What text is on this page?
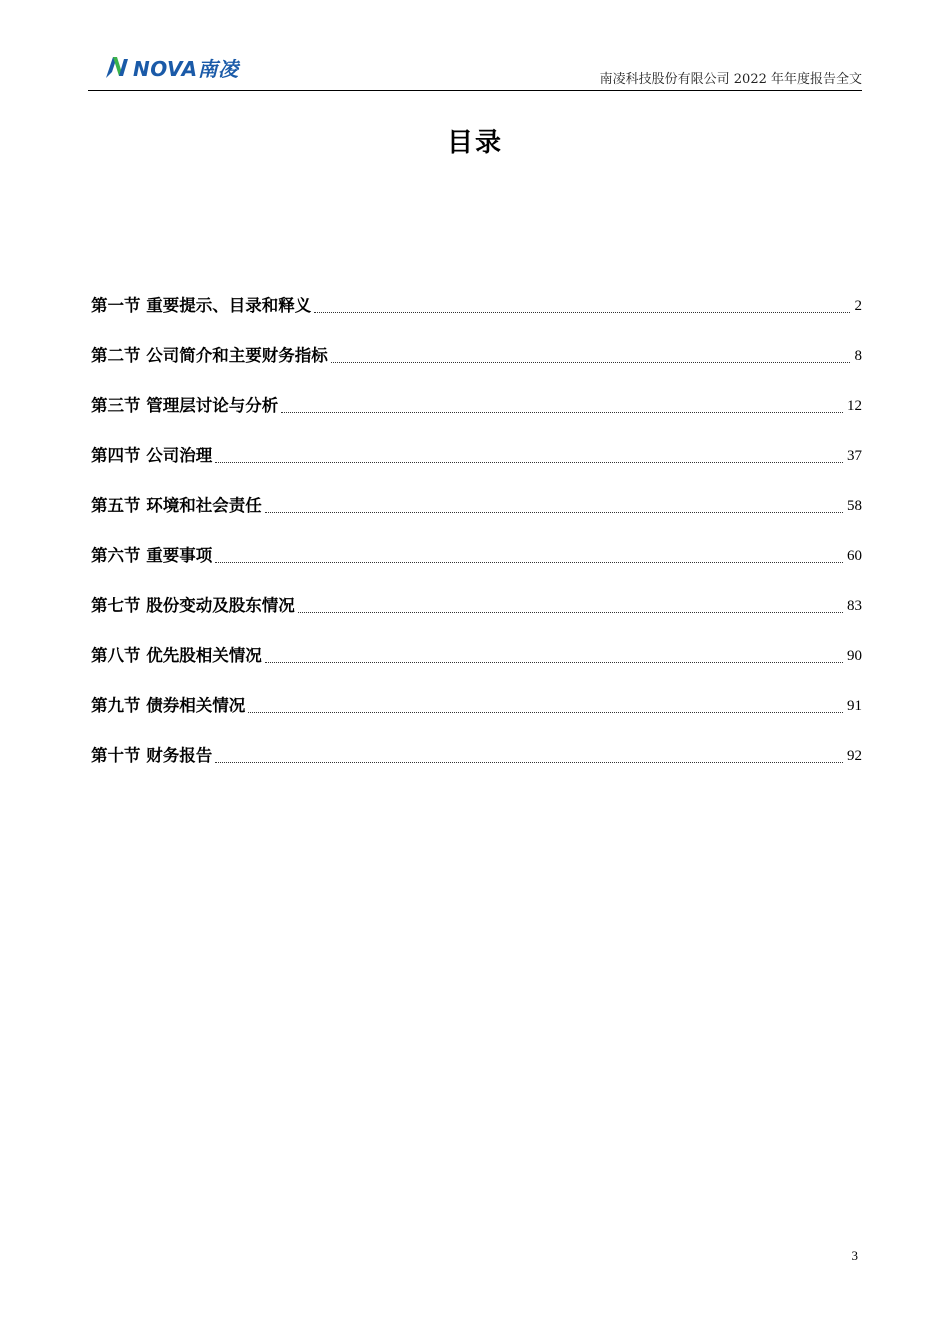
NOVA南凌	南凌科技股份有限公司 2022 年年度报告全文
目录
第一节 重要提示、目录和释义	2
第二节 公司简介和主要财务指标	8
第三节 管理层讨论与分析	12
第四节 公司治理	37
第五节 环境和社会责任	58
第六节 重要事项	60
第七节 股份变动及股东情况	83
第八节 优先股相关情况	90
第九节 债券相关情况	91
第十节 财务报告	92
3
